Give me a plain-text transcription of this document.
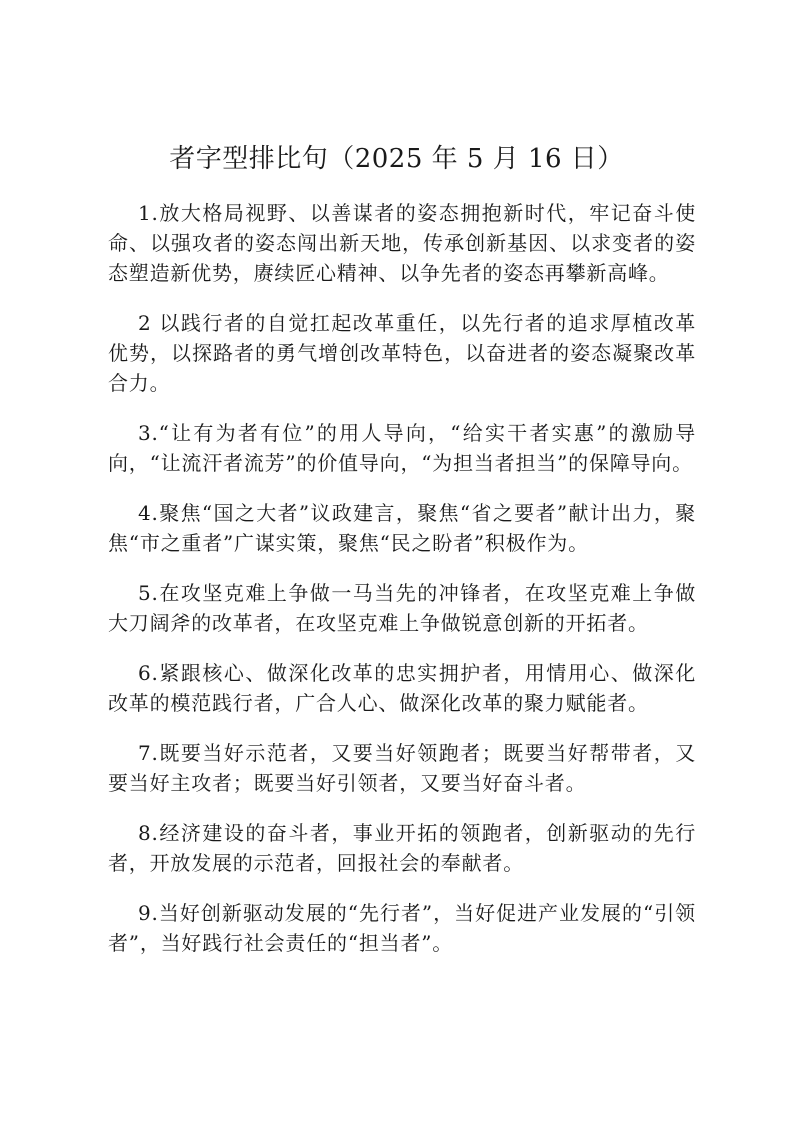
者字型排比句（2025 年 5 月 16 日）

1.放大格局视野、以善谋者的姿态拥抱新时代，牢记奋斗使命、以强攻者的姿态闯出新天地，传承创新基因、以求变者的姿态塑造新优势，赓续匠心精神、以争先者的姿态再攀新高峰。

2 以践行者的自觉扛起改革重任，以先行者的追求厚植改革优势，以探路者的勇气增创改革特色，以奋进者的姿态凝聚改革合力。

3.“让有为者有位”的用人导向，“给实干者实惠”的激励导向，“让流汗者流芳”的价值导向，“为担当者担当”的保障导向。

4.聚焦“国之大者”议政建言，聚焦“省之要者”献计出力，聚焦“市之重者”广谋实策，聚焦“民之盼者”积极作为。

5.在攻坚克难上争做一马当先的冲锋者，在攻坚克难上争做大刀阔斧的改革者，在攻坚克难上争做锐意创新的开拓者。

6.紧跟核心、做深化改革的忠实拥护者，用情用心、做深化改革的模范践行者，广合人心、做深化改革的聚力赋能者。

7.既要当好示范者，又要当好领跑者；既要当好帮带者，又要当好主攻者；既要当好引领者，又要当好奋斗者。

8.经济建设的奋斗者，事业开拓的领跑者，创新驱动的先行者，开放发展的示范者，回报社会的奉献者。

9.当好创新驱动发展的“先行者”，当好促进产业发展的“引领者”，当好践行社会责任的“担当者”。
